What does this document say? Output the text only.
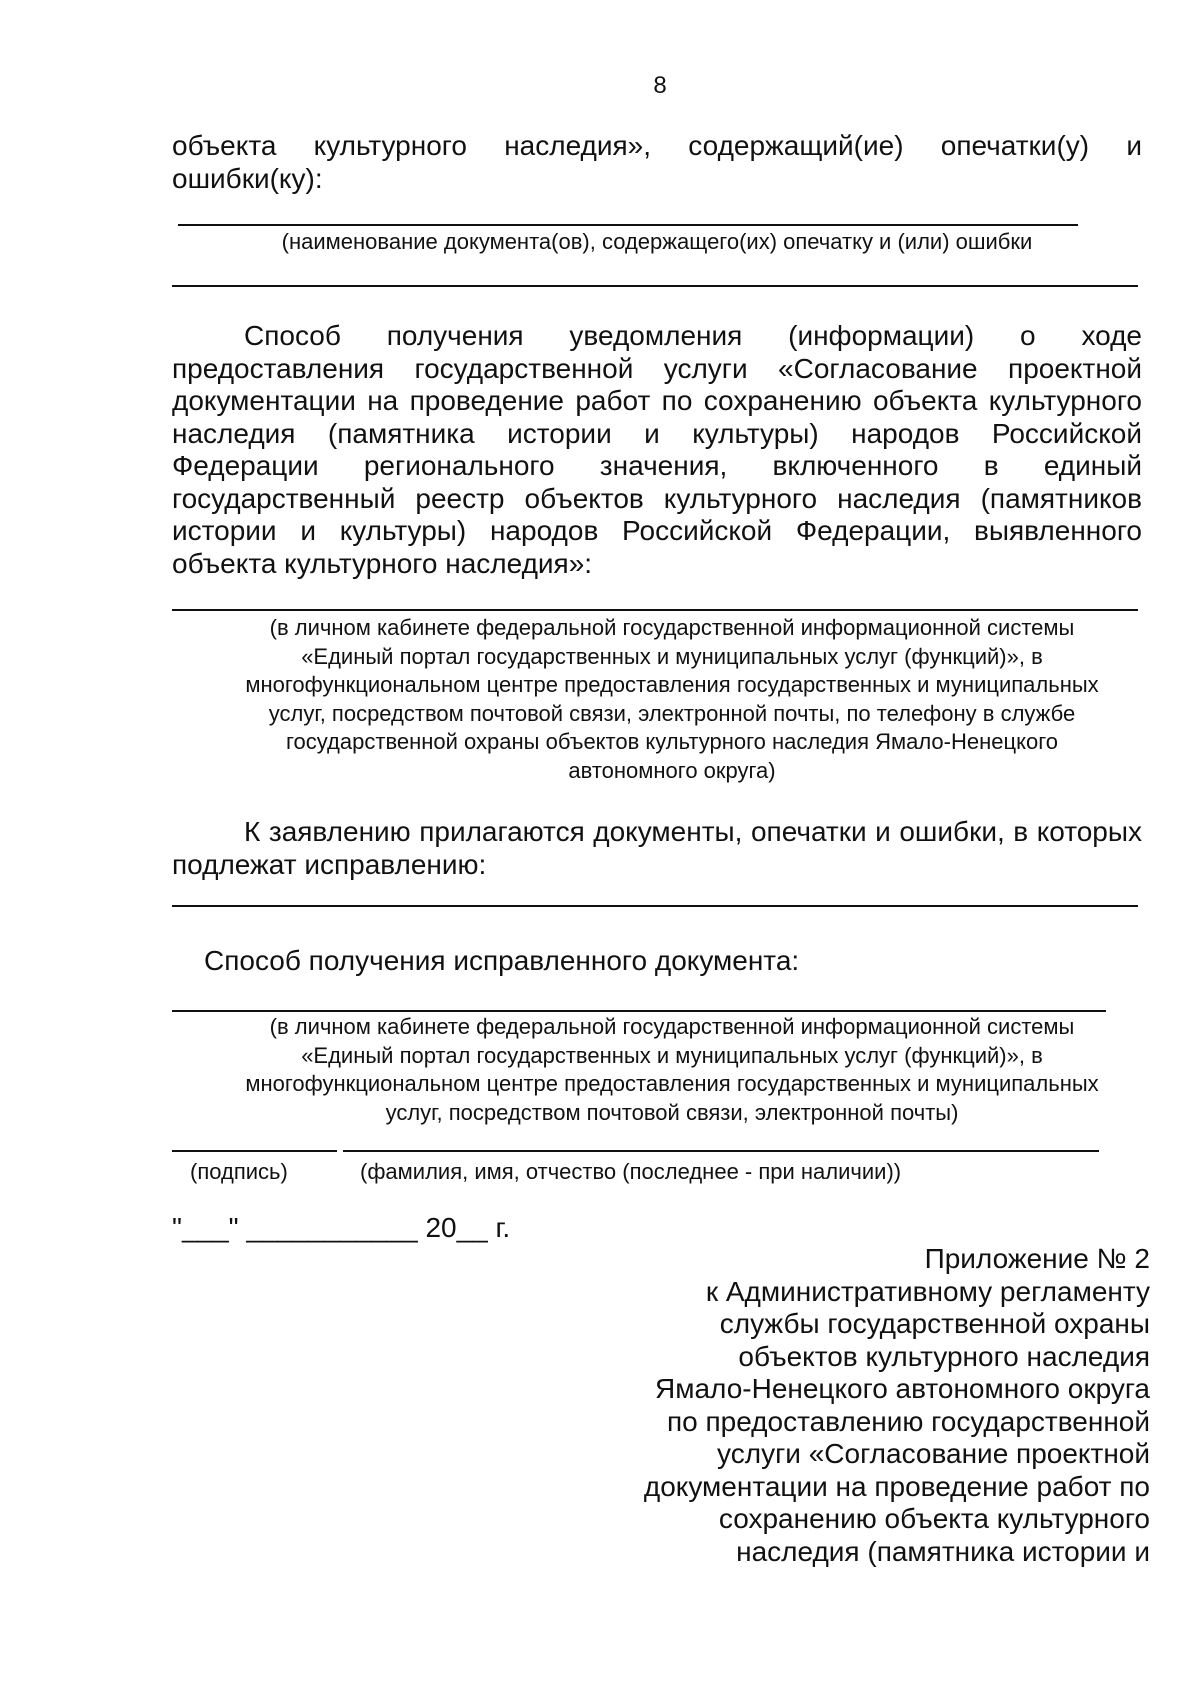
8
объекта культурного наследия», содержащий(ие) опечатки(у) и ошибки(ку):
(наименование документа(ов), содержащего(их) опечатку и (или) ошибки
Способ получения уведомления (информации) о ходе предоставления государственной услуги «Согласование проектной документации на проведение работ по сохранению объекта культурного наследия (памятника истории и культуры) народов Российской Федерации регионального значения, включенного в единый государственный реестр объектов культурного наследия (памятников истории и культуры) народов Российской Федерации, выявленного объекта культурного наследия»:
(в личном кабинете федеральной государственной информационной системы
«Единый портал государственных и муниципальных услуг (функций)», в
многофункциональном центре предоставления государственных и муниципальных
услуг, посредством почтовой связи, электронной почты, по телефону в службе
государственной охраны объектов культурного наследия Ямало-Ненецкого
автономного округа)
К заявлению прилагаются документы, опечатки и ошибки, в которых подлежат исправлению:
Способ получения исправленного документа:
(в личном кабинете федеральной государственной информационной системы
«Единый портал государственных и муниципальных услуг (функций)», в
многофункциональном центре предоставления государственных и муниципальных
услуг, посредством почтовой связи, электронной почты)
(подпись)	(фамилия, имя, отчество (последнее - при наличии))
"___" ___________ 20__ г.
Приложение № 2
к Административному регламенту
службы государственной охраны
объектов культурного наследия
Ямало-Ненецкого автономного округа
по предоставлению государственной
услуги «Согласование проектной
документации на проведение работ по
сохранению объекта культурного
наследия (памятника истории и
